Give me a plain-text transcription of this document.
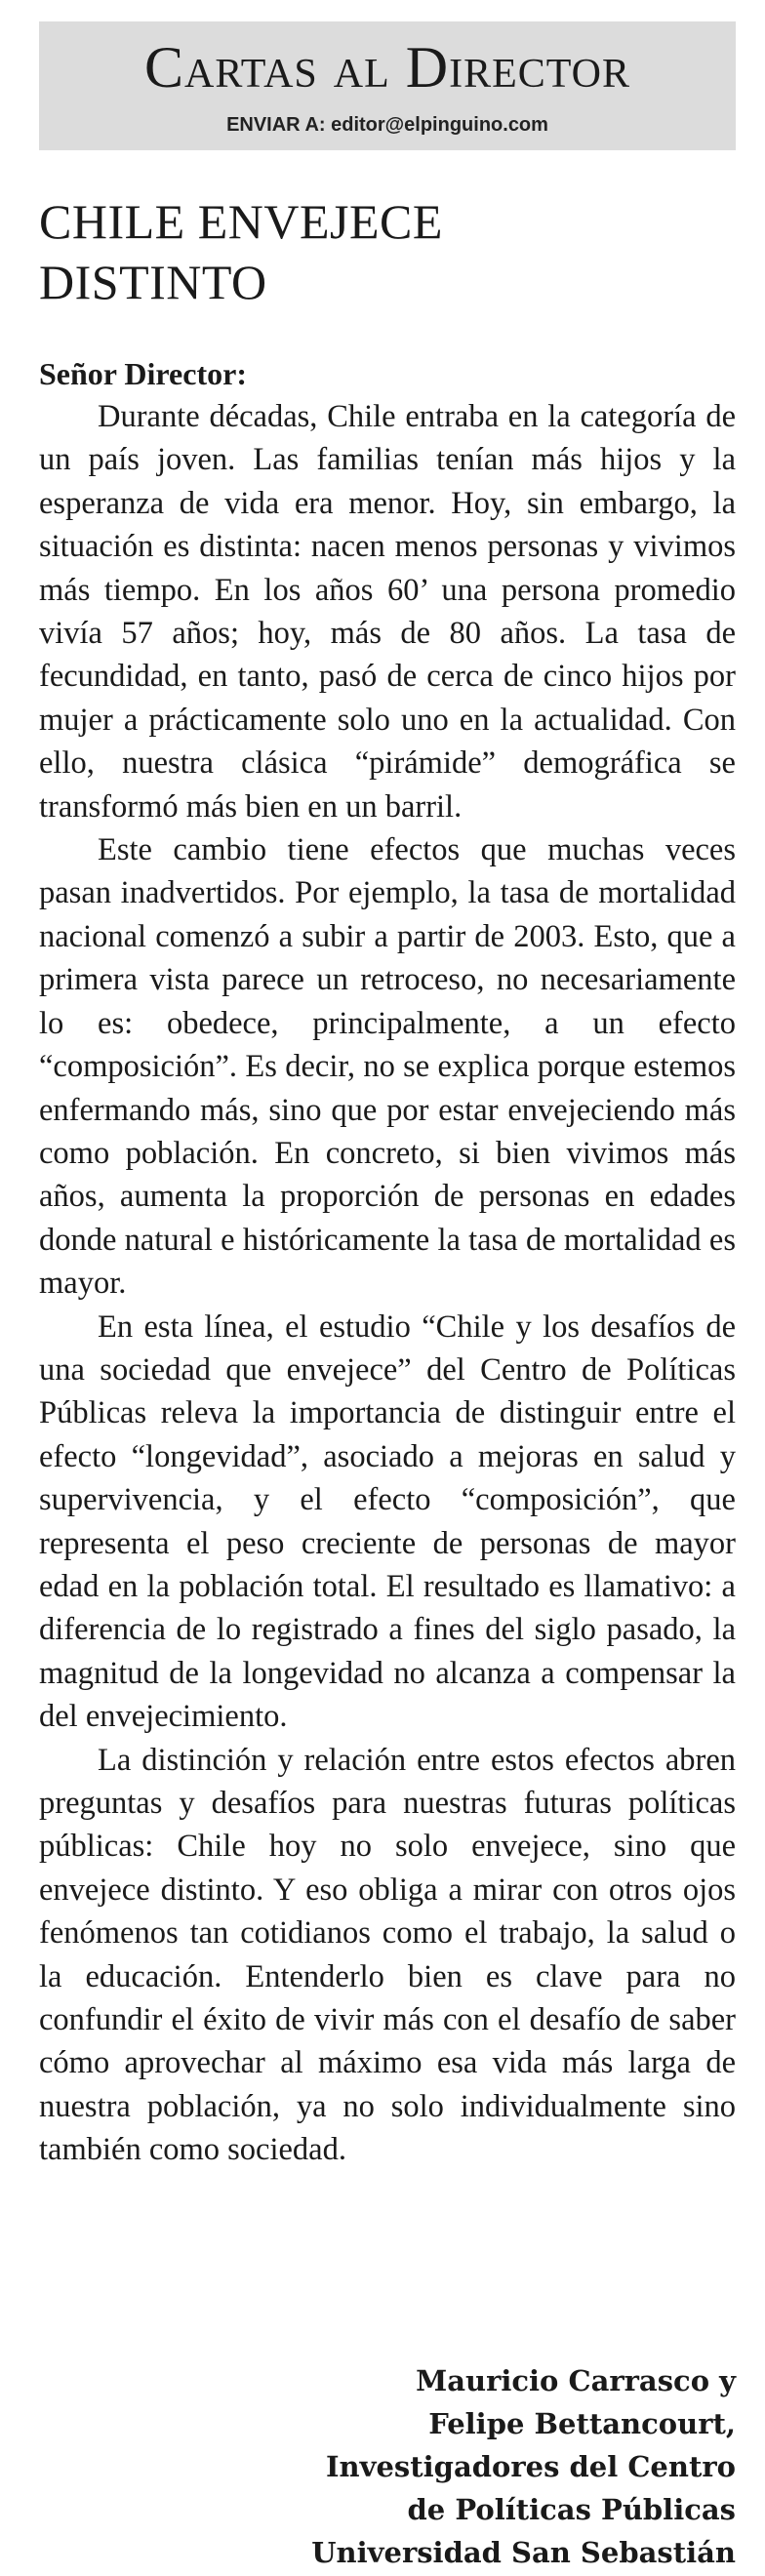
Cartas al Director
ENVIAR A: editor@elpinguino.com
CHILE ENVEJECE
DISTINTO
Señor Director:

Durante décadas, Chile entraba en la categoría de un país joven. Las familias tenían más hijos y la esperanza de vida era menor. Hoy, sin embargo, la situación es distinta: nacen menos personas y vivimos más tiempo. En los años 60’ una persona promedio vivía 57 años; hoy, más de 80 años. La tasa de fecundidad, en tanto, pasó de cerca de cinco hijos por mujer a prácticamente solo uno en la actualidad. Con ello, nuestra clásica “pirámide” demográfica se transformó más bien en un barril.

Este cambio tiene efectos que muchas veces pasan inadvertidos. Por ejemplo, la tasa de mortalidad nacional comenzó a subir a partir de 2003. Esto, que a primera vista parece un retroceso, no necesariamente lo es: obedece, principalmente, a un efecto “composición”. Es decir, no se explica porque estemos enfermando más, sino que por estar envejeciendo más como población. En concreto, si bien vivimos más años, aumenta la proporción de personas en edades donde natural e históricamente la tasa de mortalidad es mayor.

En esta línea, el estudio “Chile y los desafíos de una sociedad que envejece” del Centro de Políticas Públicas releva la importancia de distinguir entre el efecto “longevidad”, asociado a mejoras en salud y supervivencia, y el efecto “composición”, que representa el peso creciente de personas de mayor edad en la población total. El resultado es llamativo: a diferencia de lo registrado a fines del siglo pasado, la magnitud de la longevidad no alcanza a compensar la del envejecimiento.

La distinción y relación entre estos efectos abren preguntas y desafíos para nuestras futuras políticas públicas: Chile hoy no solo envejece, sino que envejece distinto. Y eso obliga a mirar con otros ojos fenómenos tan cotidianos como el trabajo, la salud o la educación. Entenderlo bien es clave para no confundir el éxito de vivir más con el desafío de saber cómo aprovechar al máximo esa vida más larga de nuestra población, ya no solo individualmente sino también como sociedad.

Mauricio Carrasco y
Felipe Bettancourt,
Investigadores del Centro
de Políticas Públicas
Universidad San Sebastián
